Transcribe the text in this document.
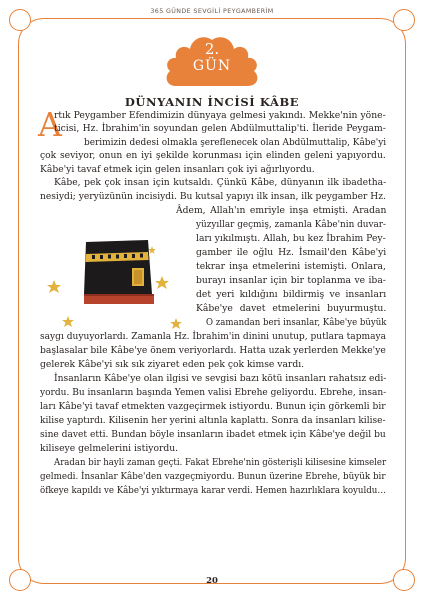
365 GÜNDE SEVGİLİ PEYGAMBERİM
2.
GÜN
DÜNYANIN İNCİSİ KÂBE
A
rtık Peygamber Efendimizin dünyaya gelmesi yakındı. Mekke'nin yöne-
ticisi, Hz. İbrahim'in soyundan gelen Abdülmuttalip'ti. İleride Peygam-
berimizin dedesi olmakla şereflenecek olan Abdülmuttalip, Kâbe'yi
çok seviyor, onun en iyi şekilde korunması için elinden geleni yapıyordu.
Kâbe'yi tavaf etmek için gelen insanları çok iyi ağırlıyordu.
Kâbe, pek çok insan için kutsaldı. Çünkü Kâbe, dünyanın ilk ibadetha-
nesiydi; yeryüzünün incisiydi. Bu kutsal yapıyı ilk insan, ilk peygamber Hz.
Âdem, Allah'ın emriyle inşa etmişti. Aradan
yüzyıllar geçmiş, zamanla Kâbe'nin duvar-
ları yıkılmıştı. Allah, bu kez İbrahim Pey-
gamber ile oğlu Hz. İsmail'den Kâbe'yi
tekrar inşa etmelerini istemişti. Onlara,
burayı insanlar için bir toplanma ve iba-
det yeri kıldığını bildirmiş ve insanları
Kâbe'ye davet etmelerini buyurmuştu.
O zamandan beri insanlar, Kâbe'ye büyük
saygı duyuyorlardı. Zamanla Hz. İbrahim'in dinini unutup, putlara tapmaya
başlasalar bile Kâbe'ye önem veriyorlardı. Hatta uzak yerlerden Mekke'ye
gelerek Kâbe'yi sık sık ziyaret eden pek çok kimse vardı.
İnsanların Kâbe'ye olan ilgisi ve sevgisi bazı kötü insanları rahatsız edi-
yordu. Bu insanların başında Yemen valisi Ebrehe geliyordu. Ebrehe, insan-
ları Kâbe'yi tavaf etmekten vazgeçirmek istiyordu. Bunun için görkemli bir
kilise yaptırdı. Kilisenin her yerini altınla kaplattı. Sonra da insanları kilise-
sine davet etti. Bundan böyle insanların ibadet etmek için Kâbe'ye değil bu
kiliseye gelmelerini istiyordu.
Aradan bir hayli zaman geçti. Fakat Ebrehe'nin gösterişli kilisesine kimseler
gelmedi. İnsanlar Kâbe'den vazgeçmiyordu. Bunun üzerine Ebrehe, büyük bir
öfkeye kapıldı ve Kâbe'yi yıktırmaya karar verdi. Hemen hazırlıklara koyuldu…
20
